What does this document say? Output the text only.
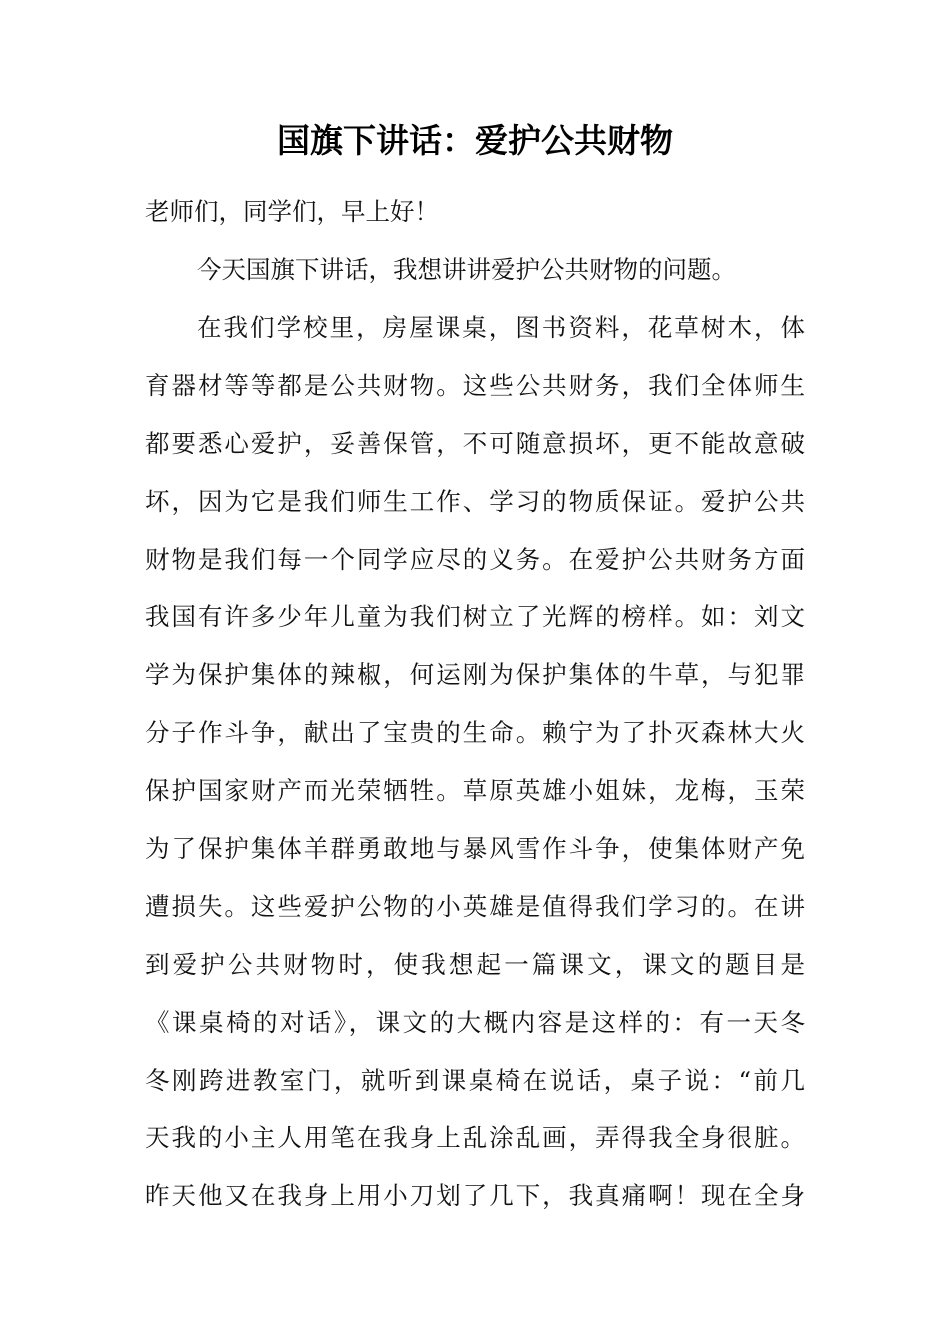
国旗下讲话：爱护公共财物
老师们，同学们，早上好！
今天国旗下讲话，我想讲讲爱护公共财物的问题。
在我们学校里，房屋课桌，图书资料，花草树木，体
育器材等等都是公共财物。这些公共财务，我们全体师生
都要悉心爱护，妥善保管，不可随意损坏，更不能故意破
坏，因为它是我们师生工作、学习的物质保证。爱护公共
财物是我们每一个同学应尽的义务。在爱护公共财务方面
我国有许多少年儿童为我们树立了光辉的榜样。如：刘文
学为保护集体的辣椒，何运刚为保护集体的牛草，与犯罪
分子作斗争，献出了宝贵的生命。赖宁为了扑灭森林大火
保护国家财产而光荣牺牲。草原英雄小姐妹，龙梅，玉荣
为了保护集体羊群勇敢地与暴风雪作斗争，使集体财产免
遭损失。这些爱护公物的小英雄是值得我们学习的。在讲
到爱护公共财物时，使我想起一篇课文，课文的题目是
《课桌椅的对话》，课文的大概内容是这样的：有一天冬
冬刚跨进教室门，就听到课桌椅在说话，桌子说：“前几
天我的小主人用笔在我身上乱涂乱画，弄得我全身很脏。
昨天他又在我身上用小刀划了几下，我真痛啊！现在全身
